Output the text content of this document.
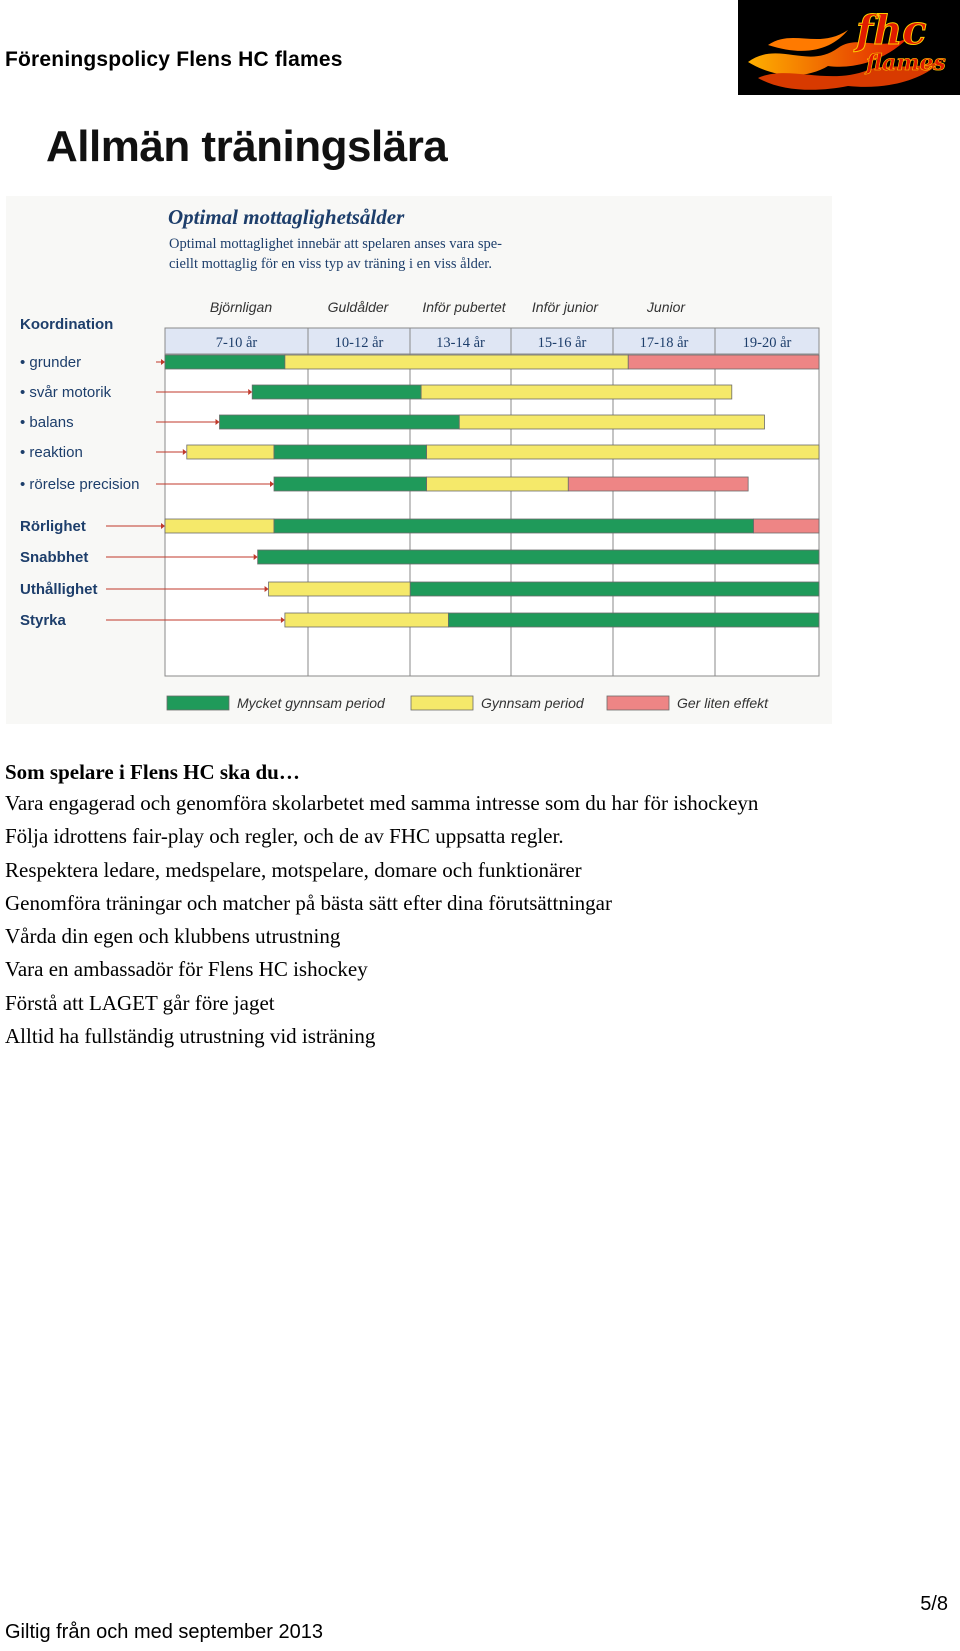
Föreningspolicy Flens HC flames
fhc
flames
Allmän träningslära
Optimal mottaglighetsålder
Optimal mottaglighet innebär att spelaren anses vara spe-
ciellt mottaglig för en viss typ av träning i en viss ålder.
Björnligan	Guldålder Inför pubertet Inför junior	Junior
7-10 år	10-12 år	13-14 år	15-16 år	17-18 år	19-20 år
Koordination
• grunder
• svår motorik
• balans
• reaktion
• rörelse precision
Rörlighet
Snabbhet
Uthållighet
Styrka
Mycket gynnsam period	Gynnsam period	Ger liten effekt

Som spelare i Flens HC ska du…

Vara engagerad och genomföra skolarbetet med samma intresse som du har för ishockeyn

Följa idrottens fair-play och regler, och de av FHC uppsatta regler.

Respektera ledare, medspelare, motspelare, domare och funktionärer

Genomföra träningar och matcher på bästa sätt efter dina förutsättningar

Vårda din egen och klubbens utrustning

Vara en ambassadör för Flens HC ishockey

Förstå att LAGET går före jaget

Alltid ha fullständig utrustning vid isträning

5/8
Giltig från och med september 2013
